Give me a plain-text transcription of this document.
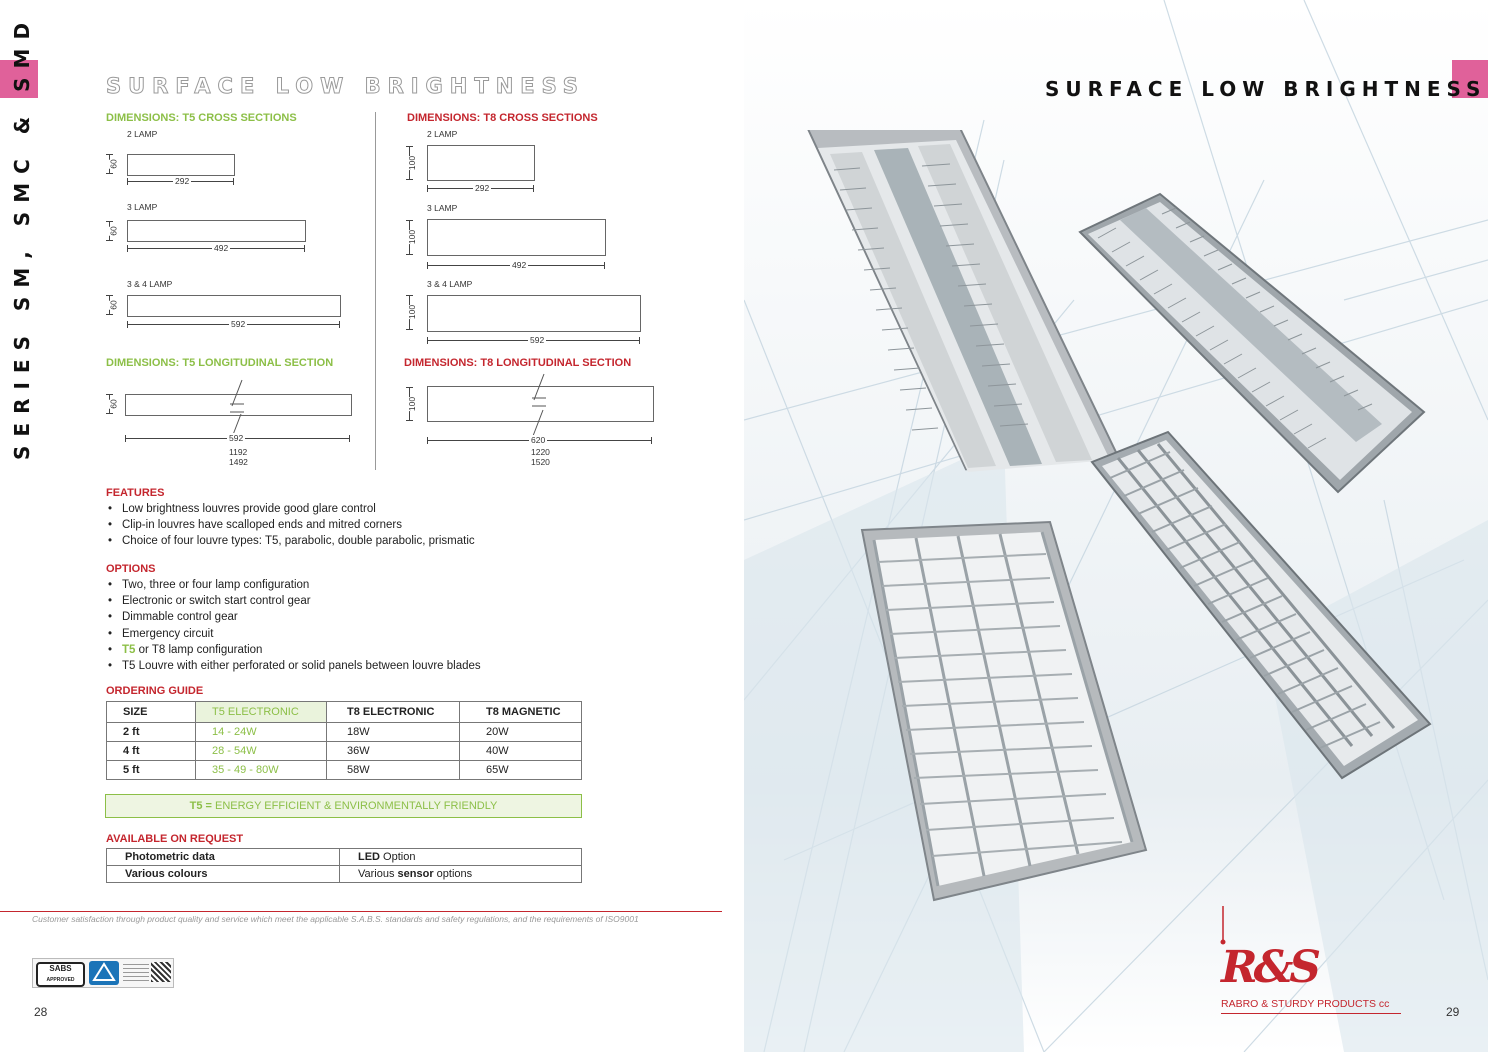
SERIES SM, SMC & SMD	SURFACE LOW BRIGHTNESS
DIMENSIONS: T5 CROSS SECTIONS
2 LAMP
60
292
3 LAMP
60
492
3 & 4 LAMP
60
592
DIMENSIONS: T8 CROSS SECTIONS
2 LAMP
100
292
3 LAMP
100
492
3 & 4 LAMP
100
592
DIMENSIONS: T5 LONGITUDINAL SECTION
60
592
1192
1492
DIMENSIONS: T8 LONGITUDINAL SECTION
100
620
1220
1520
FEATURES
• Low brightness louvres provide good glare control
• Clip-in louvres have scalloped ends and mitred corners
• Choice of four louvre types: T5, parabolic, double parabolic, prismatic
OPTIONS
• Two, three or four lamp configuration
• Electronic or switch start control gear
• Dimmable control gear
• Emergency circuit
• T5 or T8 lamp configuration
• T5 Louvre with either perforated or solid panels between louvre blades
ORDERING GUIDE
SIZE	T5 ELECTRONIC	T8 ELECTRONIC	T8 MAGNETIC
2 ft	14 - 24W	18W	20W
4 ft	28 - 54W	36W	40W
5 ft	35 - 49 - 80W	58W	65W
T5 = ENERGY EFFICIENT & ENVIRONMENTALLY FRIENDLY
AVAILABLE ON REQUEST
Photometric data	LED Option
Various colours	Various sensor options
Customer satisfaction through product quality and service which meet the applicable S.A.B.S. standards and safety regulations, and the requirements of ISO9001
SABS
APPROVED
28
SURFACE LOW BRIGHTNESS
R&S
RABRO & STURDY PRODUCTS cc
29
